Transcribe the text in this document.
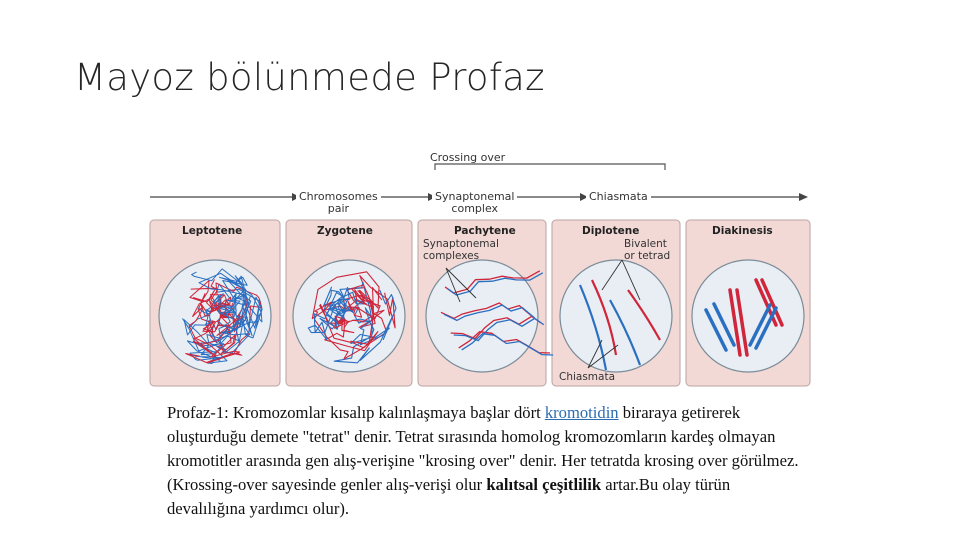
Mayoz bölünmede Profaz
Crossing over
Chromosomes
pair
Synaptonemal
complex
Chiasmata
Leptotene	Zygotene	Pachytene
Synaptonemal
complexes
Diplotene
Bivalent
or tetrad
Chiasmata
Diakinesis
Profaz-1: Kromozomlar kısalıp kalınlaşmaya başlar dört kromotidin biraraya getirerek oluşturduğu demete "tetrat" denir. Tetrat sırasında homolog kromozomların kardeş olmayan kromotitler arasında gen alış-verişine "krosing over" denir. Her tetratda krosing over görülmez. (Krossing-over sayesinde genler alış-verişi olur kalıtsal çeşitlilik artar.Bu olay türün devalılığına yardımcı olur).
